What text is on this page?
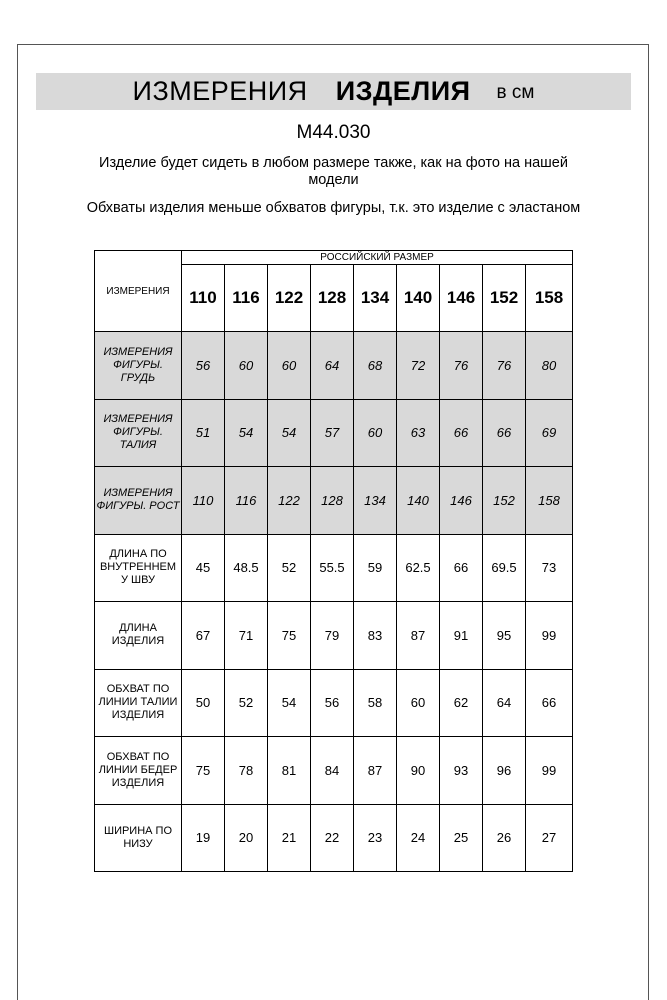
ИЗМЕРЕНИЯ ИЗДЕЛИЯ в см
M44.030
Изделие будет сидеть в любом размере также, как на фото на нашей модели
Обхваты изделия меньше обхватов фигуры, т.к. это изделие с эластаном
ИЗМЕРЕНИЯ	РОССИЙСКИЙ РАЗМЕР								
	110	116	122	128	134	140	146	152	158
ИЗМЕРЕНИЯ ФИГУРЫ. ГРУДЬ	56	60	60	64	68	72	76	76	80
ИЗМЕРЕНИЯ ФИГУРЫ. ТАЛИЯ	51	54	54	57	60	63	66	66	69
ИЗМЕРЕНИЯ ФИГУРЫ. РОСТ	110	116	122	128	134	140	146	152	158
ДЛИНА ПО ВНУТРЕННЕМ У ШВУ	45	48.5	52	55.5	59	62.5	66	69.5	73
ДЛИНА ИЗДЕЛИЯ	67	71	75	79	83	87	91	95	99
ОБХВАТ ПО ЛИНИИ ТАЛИИ ИЗДЕЛИЯ	50	52	54	56	58	60	62	64	66
ОБХВАТ ПО ЛИНИИ БЕДЕР ИЗДЕЛИЯ	75	78	81	84	87	90	93	96	99
ШИРИНА ПО НИЗУ	19	20	21	22	23	24	25	26	27
